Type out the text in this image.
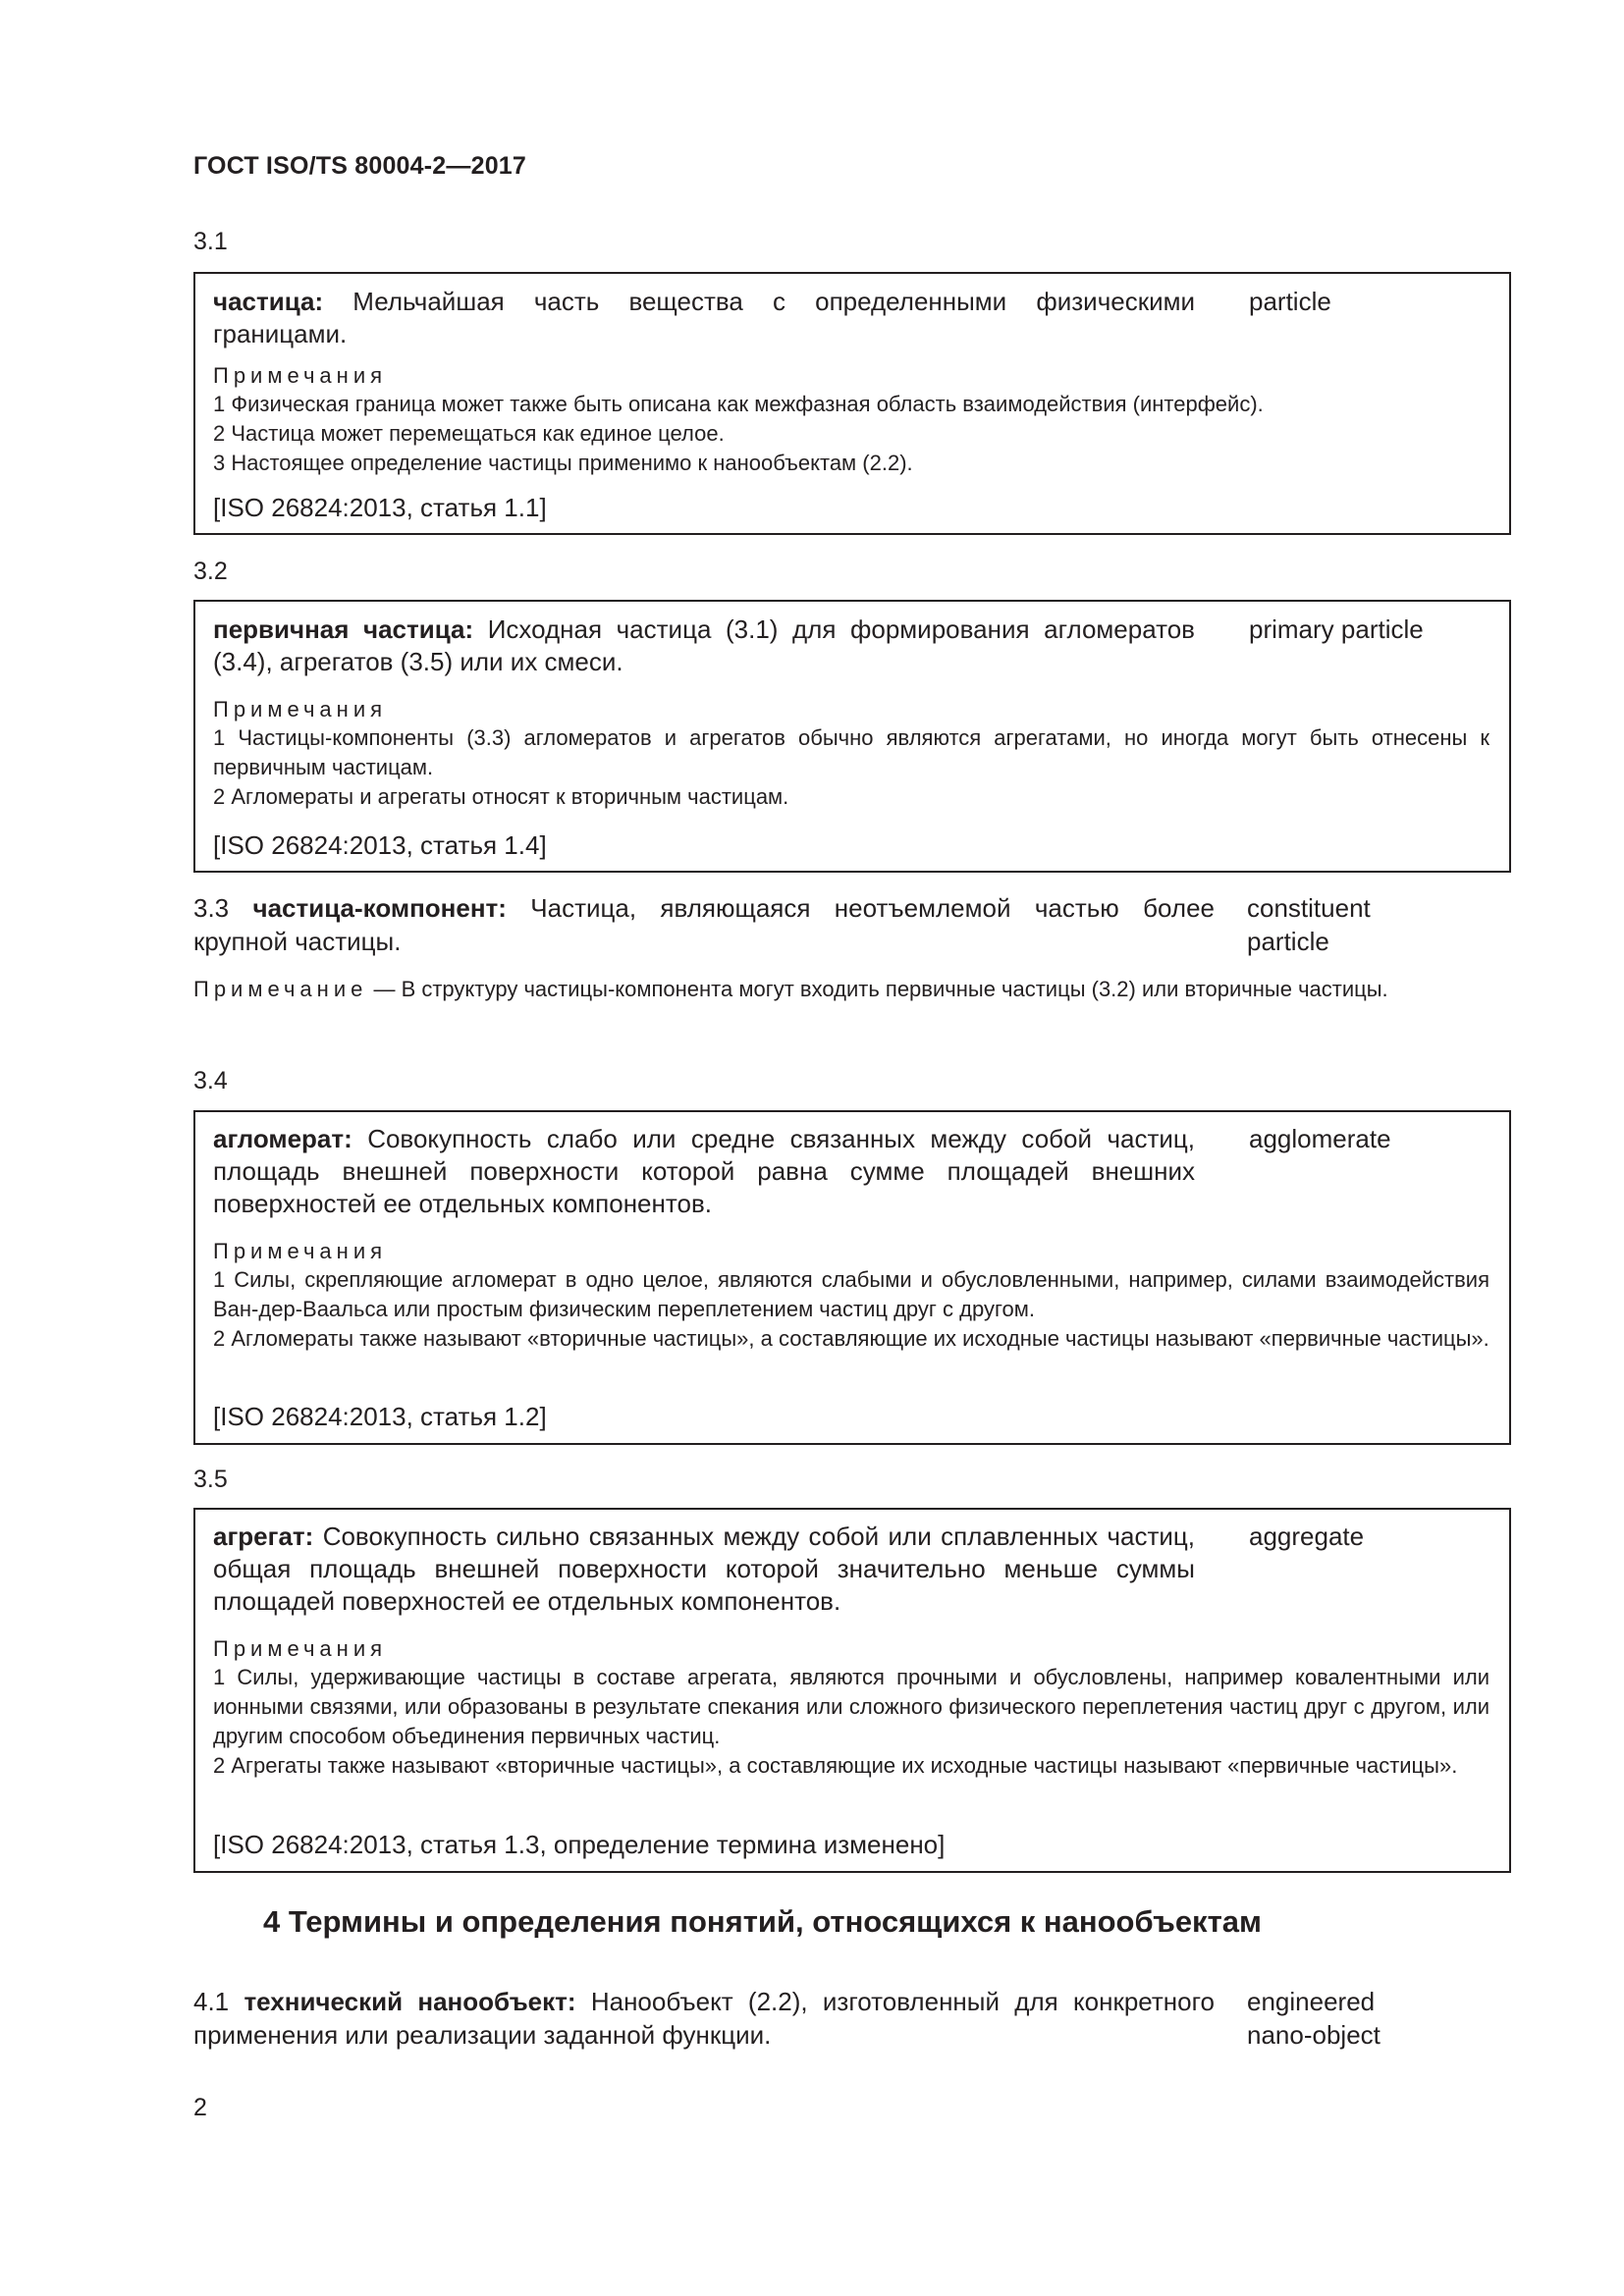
ГОСТ ISO/TS 80004-2—2017
3.1
частица: Мельчайшая часть вещества с определенными физическими границами.
particle
Примечания
1 Физическая граница может также быть описана как межфазная область взаимодействия (интерфейс).
2 Частица может перемещаться как единое целое.
3 Настоящее определение частицы применимо к нанообъектам (2.2).
[ISO 26824:2013, статья 1.1]
3.2
первичная частица: Исходная частица (3.1) для формирования агломератов (3.4), агрегатов (3.5) или их смеси.
primary particle
Примечания
1 Частицы-компоненты (3.3) агломератов и агрегатов обычно являются агрегатами, но иногда могут быть отнесены к первичным частицам.
2 Агломераты и агрегаты относят к вторичным частицам.
[ISO 26824:2013, статья 1.4]
3.3 частица-компонент: Частица, являющаяся неотъемлемой частью более крупной частицы.
constituent
particle
Примечание — В структуру частицы-компонента могут входить первичные частицы (3.2) или вторичные частицы.
3.4
агломерат: Совокупность слабо или средне связанных между собой частиц, площадь внешней поверхности которой равна сумме площадей внешних поверхностей ее отдельных компонентов.
agglomerate
Примечания
1 Силы, скрепляющие агломерат в одно целое, являются слабыми и обусловленными, например, силами взаимодействия Ван-дер-Ваальса или простым физическим переплетением частиц друг с другом.
2 Агломераты также называют «вторичные частицы», а составляющие их исходные частицы называют «первичные частицы».
[ISO 26824:2013, статья 1.2]
3.5
агрегат: Совокупность сильно связанных между собой или сплавленных частиц, общая площадь внешней поверхности которой значительно меньше суммы площадей поверхностей ее отдельных компонентов.
aggregate
Примечания
1 Силы, удерживающие частицы в составе агрегата, являются прочными и обусловлены, например ковалентными или ионными связями, или образованы в результате спекания или сложного физического переплетения частиц друг с другом, или другим способом объединения первичных частиц.
2 Агрегаты также называют «вторичные частицы», а составляющие их исходные частицы называют «первичные частицы».
[ISO 26824:2013, статья 1.3, определение термина изменено]
4 Термины и определения понятий, относящихся к нанообъектам
4.1 технический нанообъект: Нанообъект (2.2), изготовленный для конкретного применения или реализации заданной функции.
engineered
nano-object
2
